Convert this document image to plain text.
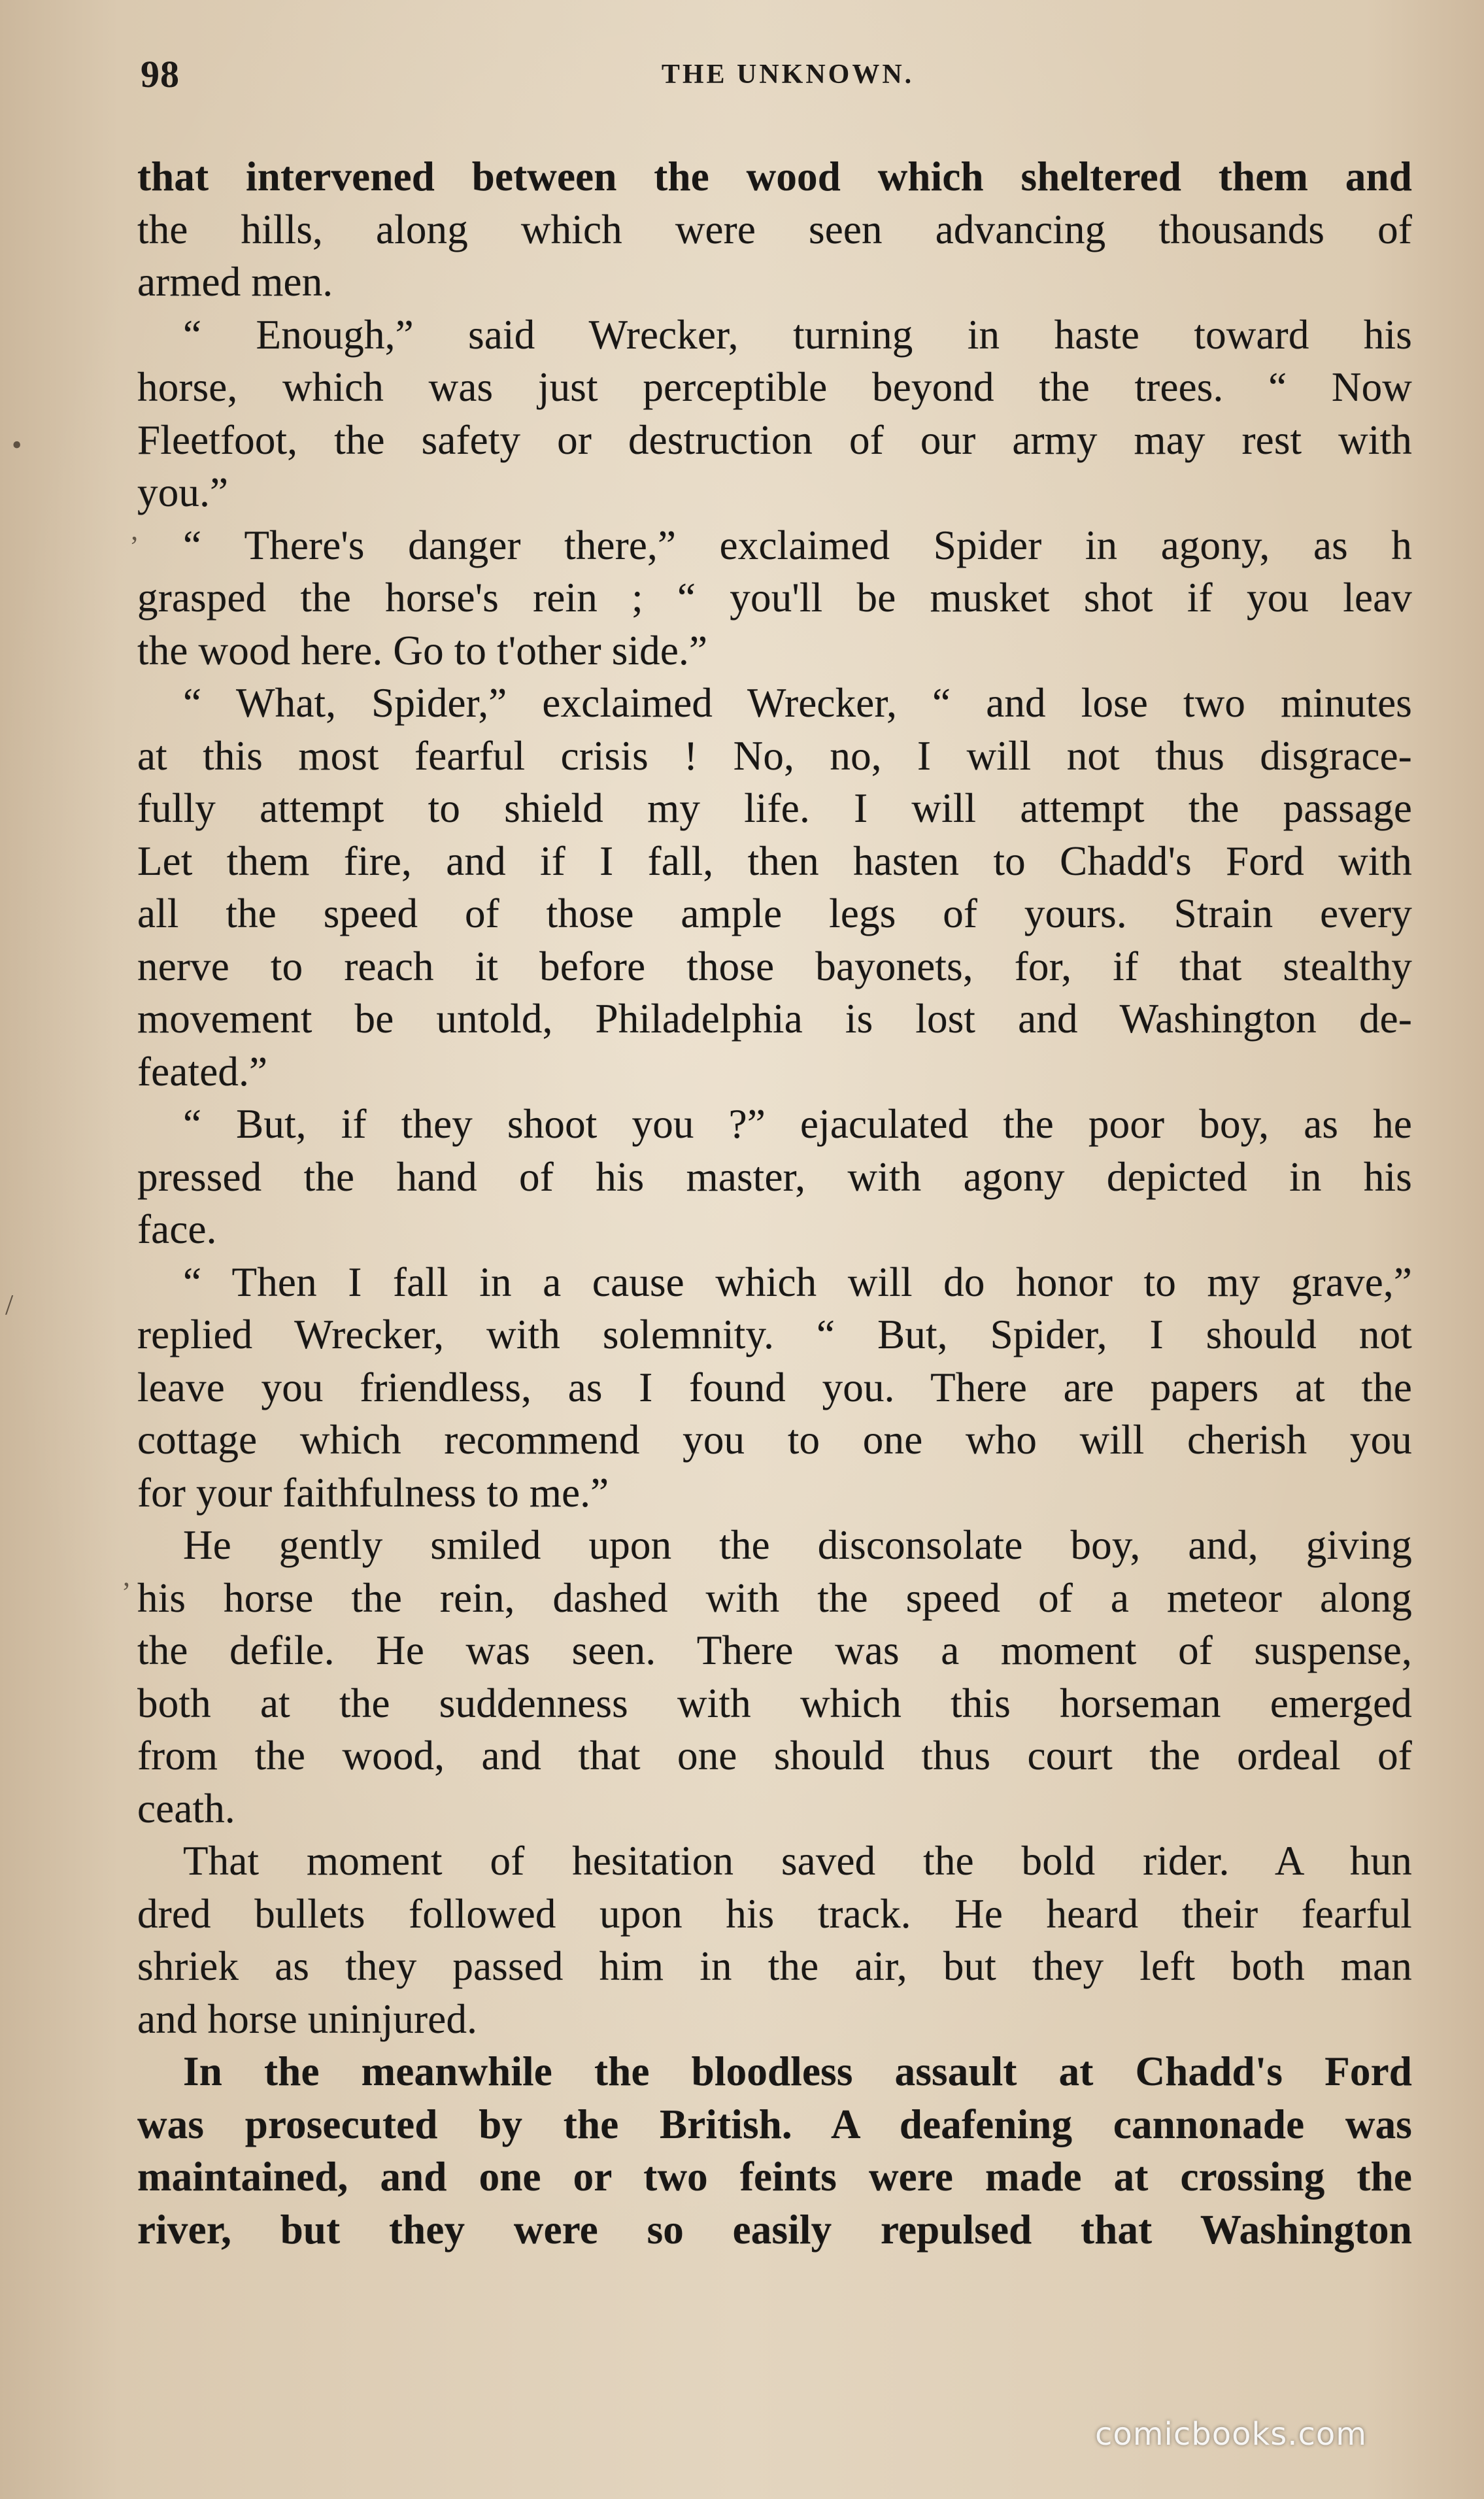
98	THE UNKNOWN.
that intervened between the wood which sheltered them and
the hills, along which were seen advancing thousands of
armed men.
“ Enough,” said Wrecker, turning in haste toward his
horse, which was just perceptible beyond the trees. “ Now
Fleetfoot, the safety or destruction of our army may rest with
you.”
“ There's danger there,” exclaimed Spider in agony, as h
grasped the horse's rein ; “ you'll be musket shot if you leav
the wood here. Go to t'other side.”
“ What, Spider,” exclaimed Wrecker, “ and lose two minutes
at this most fearful crisis ! No, no, I will not thus disgrace-
fully attempt to shield my life. I will attempt the passage
Let them fire, and if I fall, then hasten to Chadd's Ford with
all the speed of those ample legs of yours. Strain every
nerve to reach it before those bayonets, for, if that stealthy
movement be untold, Philadelphia is lost and Washington de-
feated.”
“ But, if they shoot you ?” ejaculated the poor boy, as he
pressed the hand of his master, with agony depicted in his
face.
“ Then I fall in a cause which will do honor to my grave,”
replied Wrecker, with solemnity. “ But, Spider, I should not
leave you friendless, as I found you. There are papers at the
cottage which recommend you to one who will cherish you
for your faithfulness to me.”
He gently smiled upon the disconsolate boy, and, giving
his horse the rein, dashed with the speed of a meteor along
the defile. He was seen. There was a moment of suspense,
both at the suddenness with which this horseman emerged
from the wood, and that one should thus court the ordeal of
ceath.
That moment of hesitation saved the bold rider. A hun
dred bullets followed upon his track. He heard their fearful
shriek as they passed him in the air, but they left both man
and horse uninjured.
In the meanwhile the bloodless assault at Chadd's Ford
was prosecuted by the British. A deafening cannonade was
maintained, and one or two feints were made at crossing the
river, but they were so easily repulsed that Washington
•
’
/
,
comicbooks.com
